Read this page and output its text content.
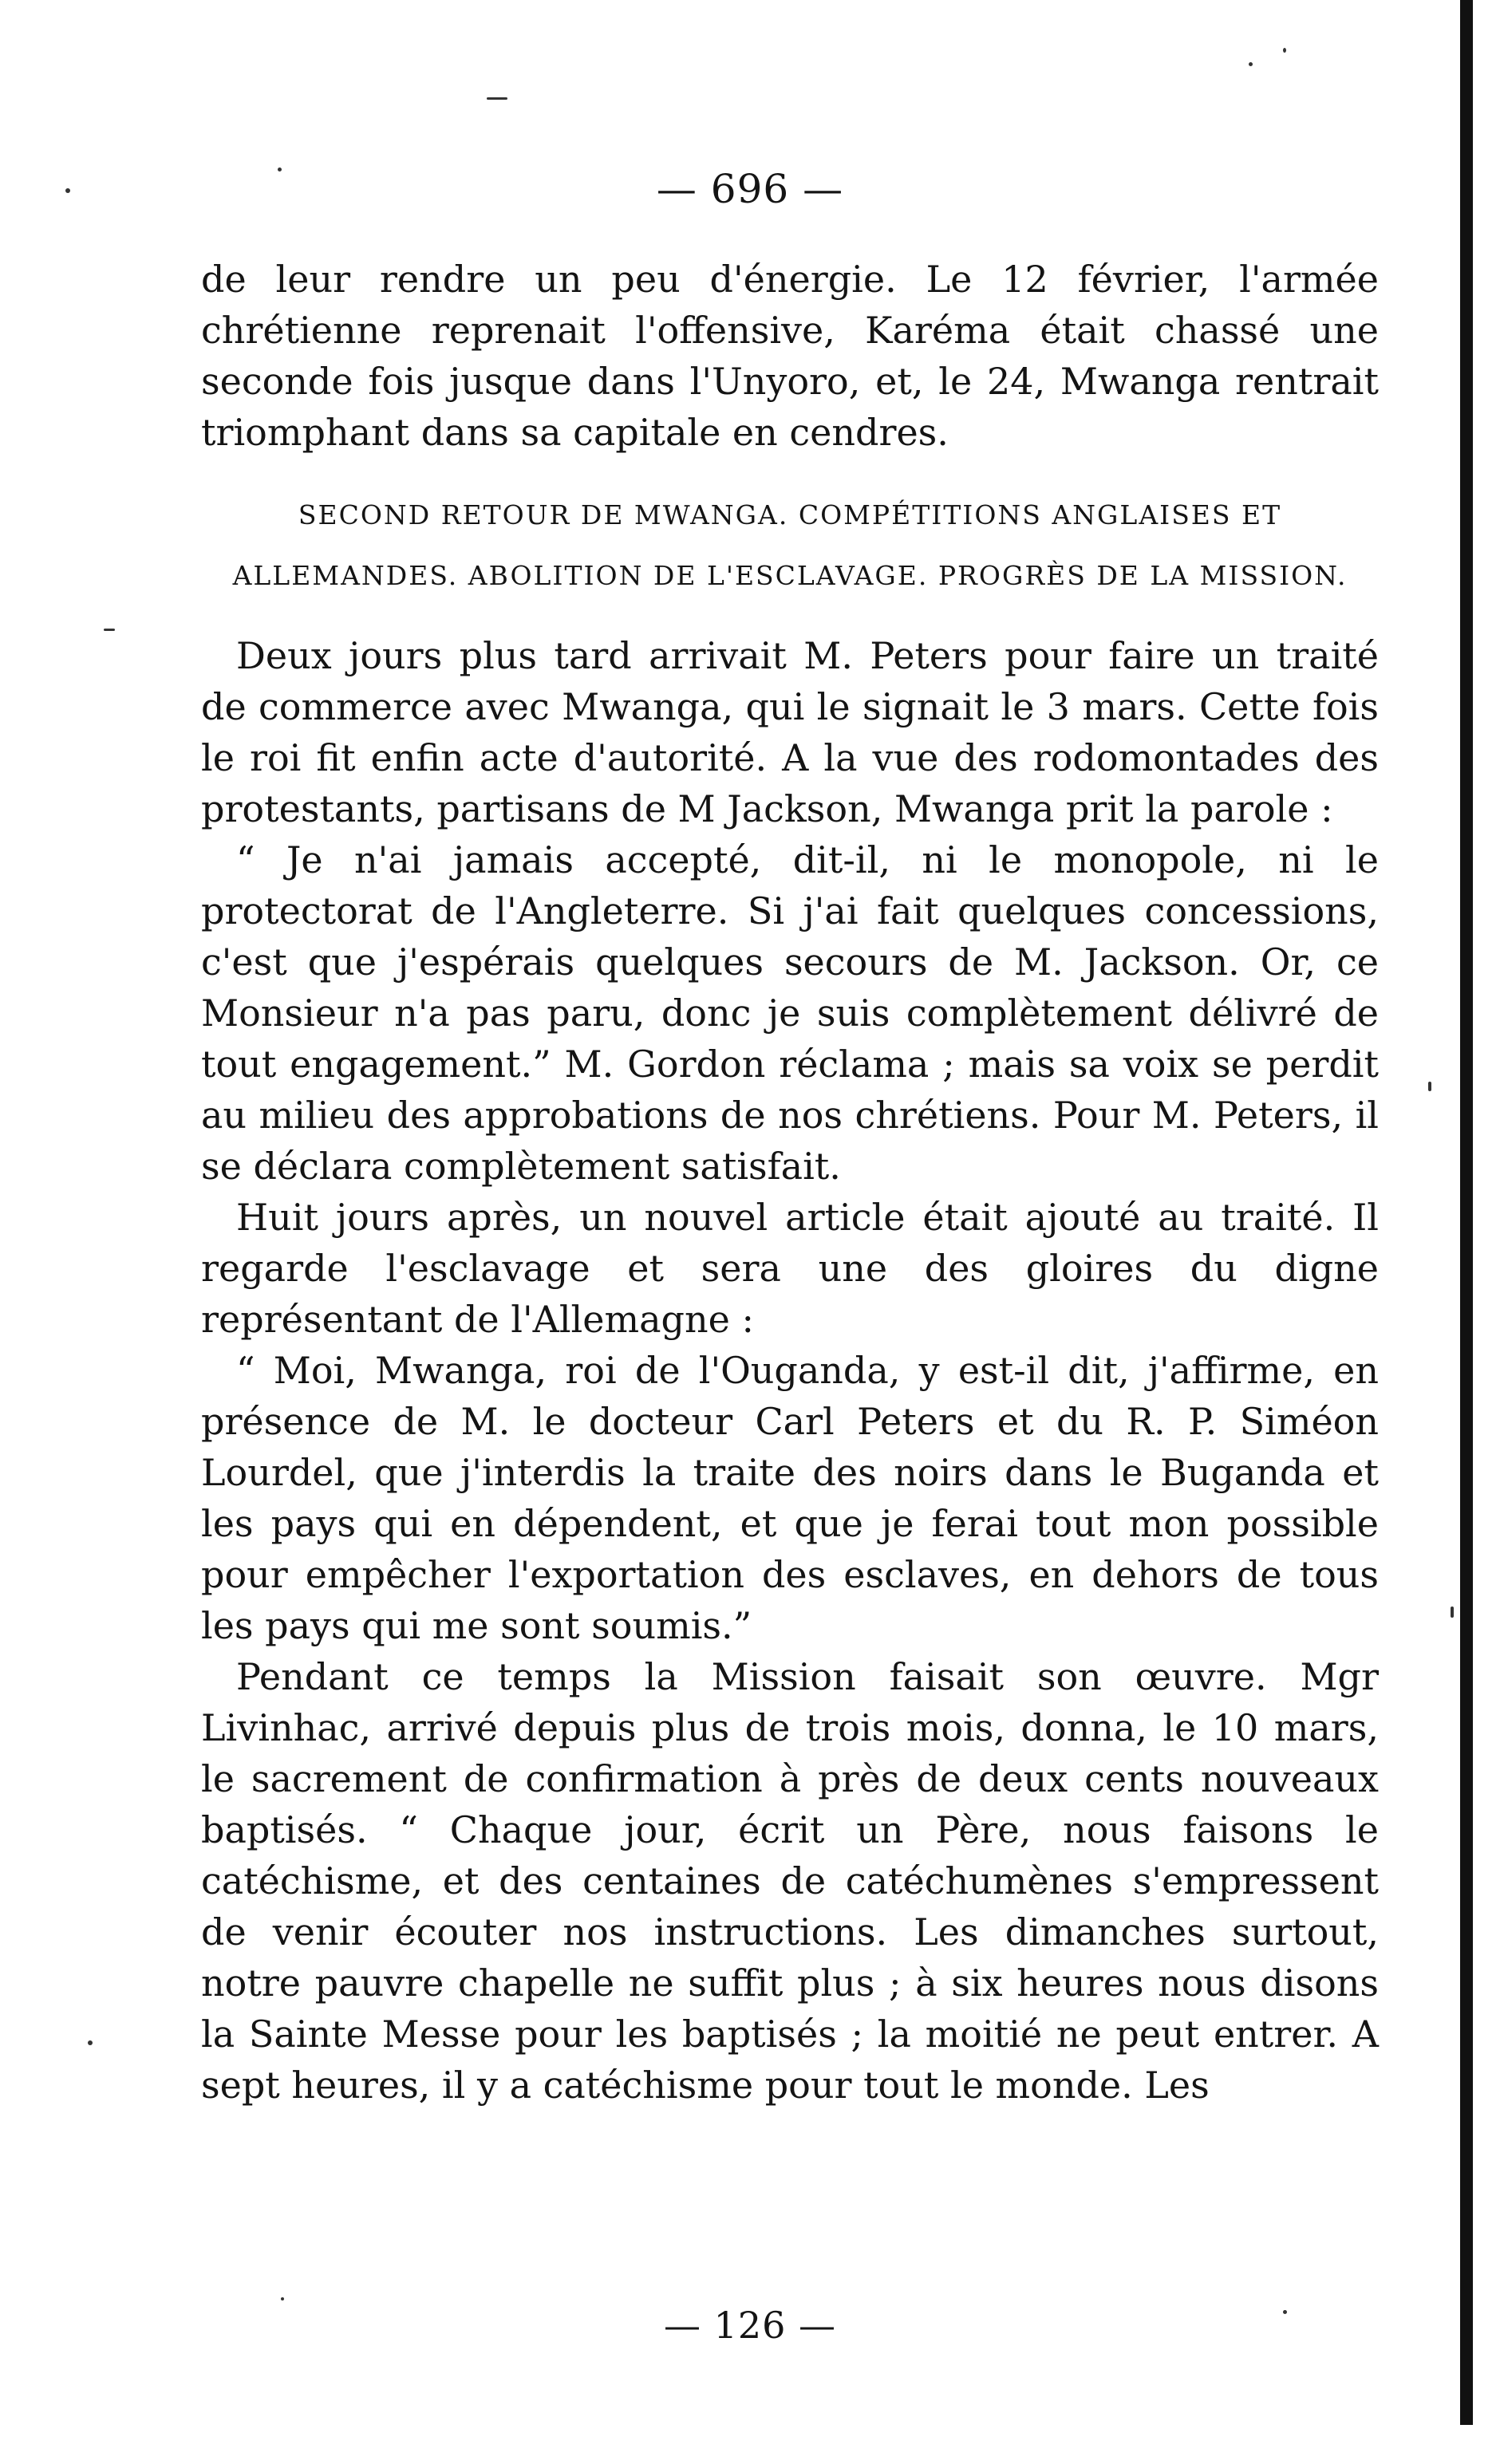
— 696 —

de leur rendre un peu d'énergie. Le 12 février, l'armée chrétienne reprenait l'offensive, Karéma était chassé une seconde fois jusque dans l'Unyoro, et, le 24, Mwanga rentrait triomphant dans sa capitale en cendres.

SECOND RETOUR DE MWANGA. COMPÉTITIONS ANGLAISES ET ALLEMANDES. ABOLITION DE L'ESCLAVAGE. PROGRÈS DE LA MISSION.

Deux jours plus tard arrivait M. Peters pour faire un traité de commerce avec Mwanga, qui le signait le 3 mars. Cette fois le roi fit enfin acte d'autorité. A la vue des rodomontades des protestants, partisans de M Jackson, Mwanga prit la parole :

“ Je n'ai jamais accepté, dit-il, ni le monopole, ni le protectorat de l'Angleterre. Si j'ai fait quelques concessions, c'est que j'espérais quelques secours de M. Jackson. Or, ce Monsieur n'a pas paru, donc je suis complètement délivré de tout engagement.” M. Gordon réclama ; mais sa voix se perdit au milieu des approbations de nos chrétiens. Pour M. Peters, il se déclara complètement satisfait.

Huit jours après, un nouvel article était ajouté au traité. Il regarde l'esclavage et sera une des gloires du digne représentant de l'Allemagne :

“ Moi, Mwanga, roi de l'Ouganda, y est-il dit, j'affirme, en présence de M. le docteur Carl Peters et du R. P. Siméon Lourdel, que j'interdis la traite des noirs dans le Buganda et les pays qui en dépendent, et que je ferai tout mon possible pour empêcher l'exportation des esclaves, en dehors de tous les pays qui me sont soumis.”

Pendant ce temps la Mission faisait son œuvre. Mgr Livinhac, arrivé depuis plus de trois mois, donna, le 10 mars, le sacrement de confirmation à près de deux cents nouveaux baptisés. “ Chaque jour, écrit un Père, nous faisons le catéchisme, et des centaines de catéchumènes s'empressent de venir écouter nos instructions. Les dimanches surtout, notre pauvre chapelle ne suffit plus ; à six heures nous disons la Sainte Messe pour les baptisés ; la moitié ne peut entrer. A sept heures, il y a catéchisme pour tout le monde. Les

— 126 —
